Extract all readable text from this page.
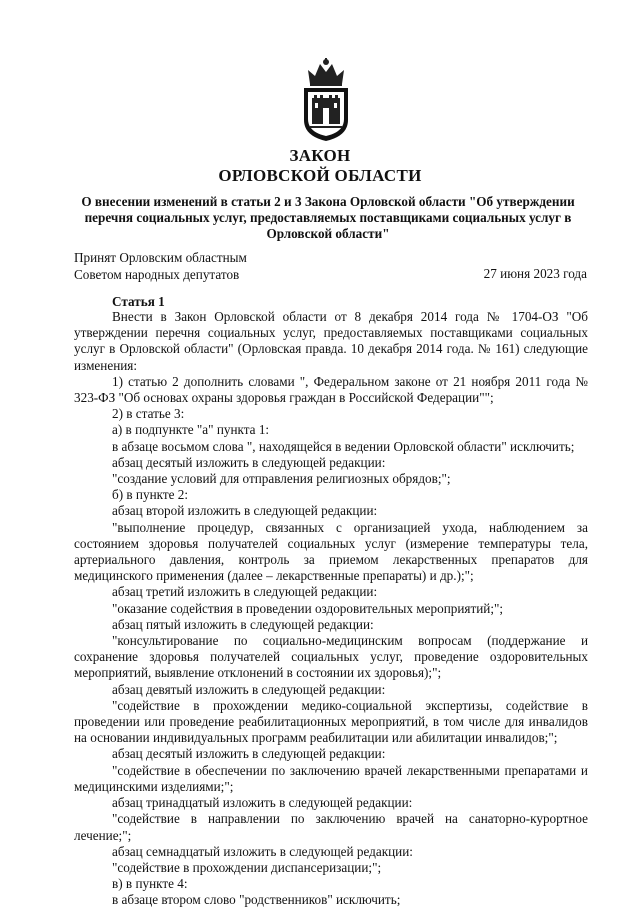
ЗАКОН
ОРЛОВСКОЙ ОБЛАСТИ
О внесении изменений в статьи 2 и 3 Закона Орловской области "Об утверждении
перечня социальных услуг, предоставляемых поставщиками социальных услуг в
Орловской области"
Принят Орловским областным
Советом народных депутатов	27 июня 2023 года
Статья 1

Внести в Закон Орловской области от 8 декабря 2014 года № 1704-ОЗ "Об утверждении перечня социальных услуг, предоставляемых поставщиками социальных услуг в Орловской области" (Орловская правда. 10 декабря 2014 года. № 161) следующие изменения:

1) статью 2 дополнить словами ", Федеральном законе от 21 ноября 2011 года № 323-ФЗ "Об основах охраны здоровья граждан в Российской Федерации"";

2) в статье 3:

а) в подпункте "а" пункта 1:

в абзаце восьмом слова ", находящейся в ведении Орловской области" исключить;

абзац десятый изложить в следующей редакции:

"создание условий для отправления религиозных обрядов;";

б) в пункте 2:

абзац второй изложить в следующей редакции:

"выполнение процедур, связанных с организацией ухода, наблюдением за состоянием здоровья получателей социальных услуг (измерение температуры тела, артериального давления, контроль за приемом лекарственных препаратов для медицинского применения (далее – лекарственные препараты) и др.);";

абзац третий изложить в следующей редакции:

"оказание содействия в проведении оздоровительных мероприятий;";

абзац пятый изложить в следующей редакции:

"консультирование по социально-медицинским вопросам (поддержание и сохранение здоровья получателей социальных услуг, проведение оздоровительных мероприятий, выявление отклонений в состоянии их здоровья);";

абзац девятый изложить в следующей редакции:

"содействие в прохождении медико-социальной экспертизы, содействие в проведении или проведение реабилитационных мероприятий, в том числе для инвалидов на основании индивидуальных программ реабилитации или абилитации инвалидов;";

абзац десятый изложить в следующей редакции:

"содействие в обеспечении по заключению врачей лекарственными препаратами и медицинскими изделиями;";

абзац тринадцатый изложить в следующей редакции:

"содействие в направлении по заключению врачей на санаторно-курортное лечение;";

абзац семнадцатый изложить в следующей редакции:

"содействие в прохождении диспансеризации;";

в) в пункте 4:

в абзаце втором слово "родственников" исключить;
